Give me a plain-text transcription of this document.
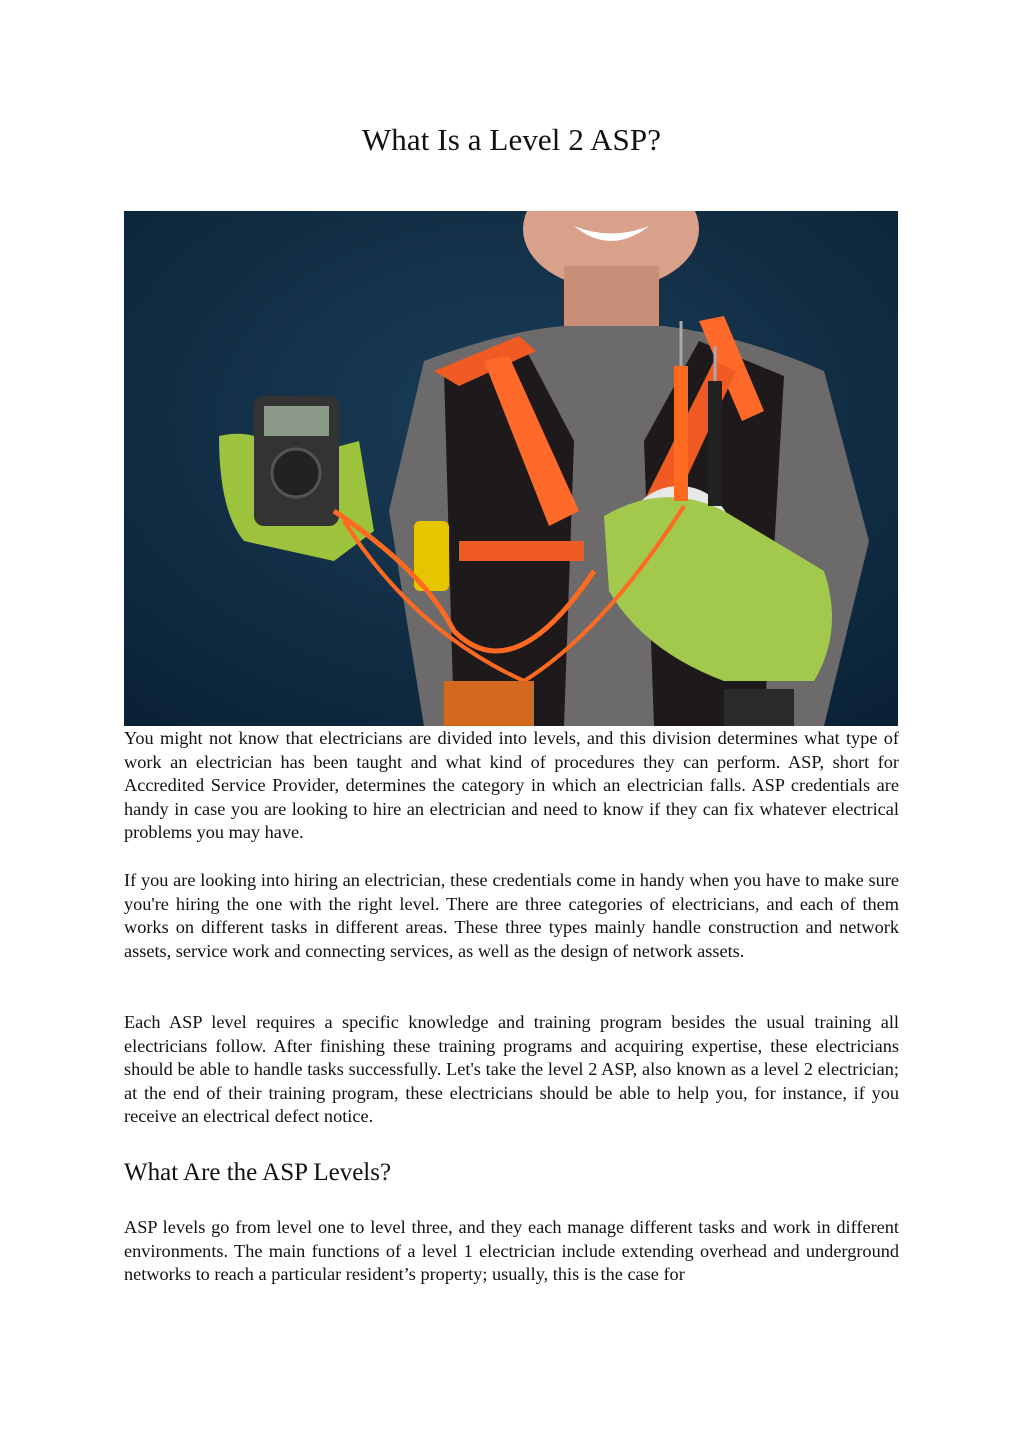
What Is a Level 2 ASP?

You might not know that electricians are divided into levels, and this division determines what type of work an electrician has been taught and what kind of procedures they can perform. ASP, short for Accredited Service Provider, determines the category in which an electrician falls. ASP credentials are handy in case you are looking to hire an electrician and need to know if they can fix whatever electrical problems you may have.

If you are looking into hiring an electrician, these credentials come in handy when you have to make sure you're hiring the one with the right level. There are three categories of electricians, and each of them works on different tasks in different areas. These three types mainly handle construction and network assets, service work and connecting services, as well as the design of network assets.

Each ASP level requires a specific knowledge and training program besides the usual training all electricians follow. After finishing these training programs and acquiring expertise, these electricians should be able to handle tasks successfully. Let's take the level 2 ASP, also known as a level 2 electrician; at the end of their training program, these electricians should be able to help you, for instance, if you receive an electrical defect notice.

What Are the ASP Levels?

ASP levels go from level one to level three, and they each manage different tasks and work in different environments. The main functions of a level 1 electrician include extending overhead and underground networks to reach a particular resident’s property; usually, this is the case for
